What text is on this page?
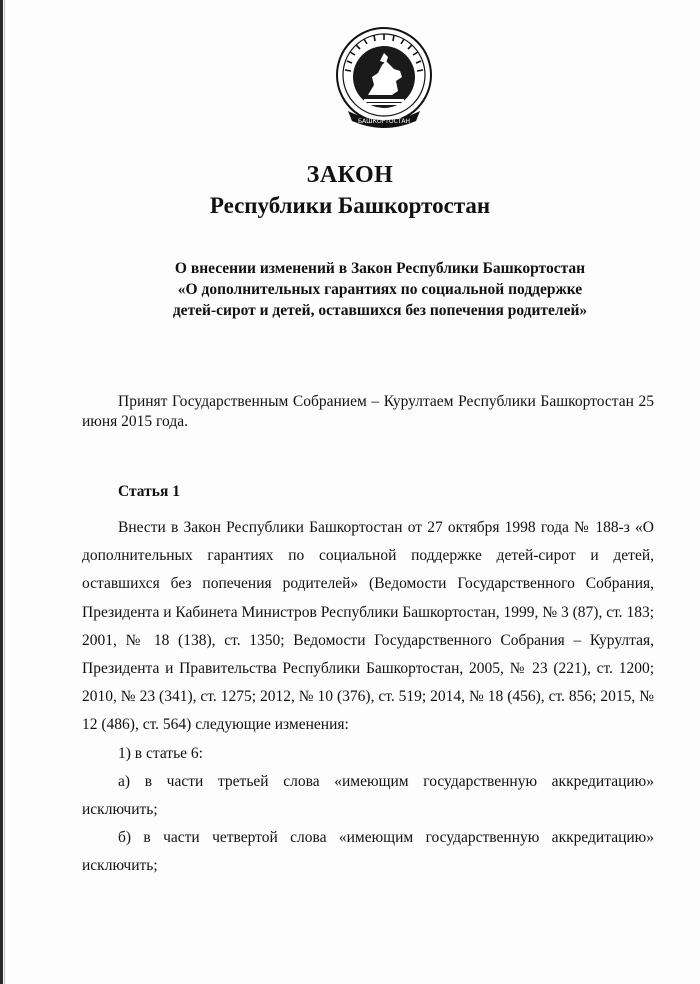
БАШКОРТОСТАН
ЗАКОН
Республики Башкортостан
О внесении изменений в Закон Республики Башкортостан
«О дополнительных гарантиях по социальной поддержке
детей-сирот и детей, оставшихся без попечения родителей»
Принят Государственным Собранием – Курултаем Республики Башкортостан 25 июня 2015 года.
Статья 1

Внести в Закон Республики Башкортостан от 27 октября 1998 года № 188-з «О дополнительных гарантиях по социальной поддержке детей-сирот и детей, оставшихся без попечения родителей» (Ведомости Государственного Собрания, Президента и Кабинета Министров Республики Башкортостан, 1999, № 3 (87), ст. 183; 2001, № 18 (138), ст. 1350; Ведомости Государственного Собрания – Курултая, Президента и Правительства Республики Башкортостан, 2005, № 23 (221), ст. 1200; 2010, № 23 (341), ст. 1275; 2012, № 10 (376), ст. 519; 2014, № 18 (456), ст. 856; 2015, № 12 (486), ст. 564) следующие изменения:

1) в статье 6:

а) в части третьей слова «имеющим государственную аккредитацию» исключить;

б) в части четвертой слова «имеющим государственную аккредитацию» исключить;
